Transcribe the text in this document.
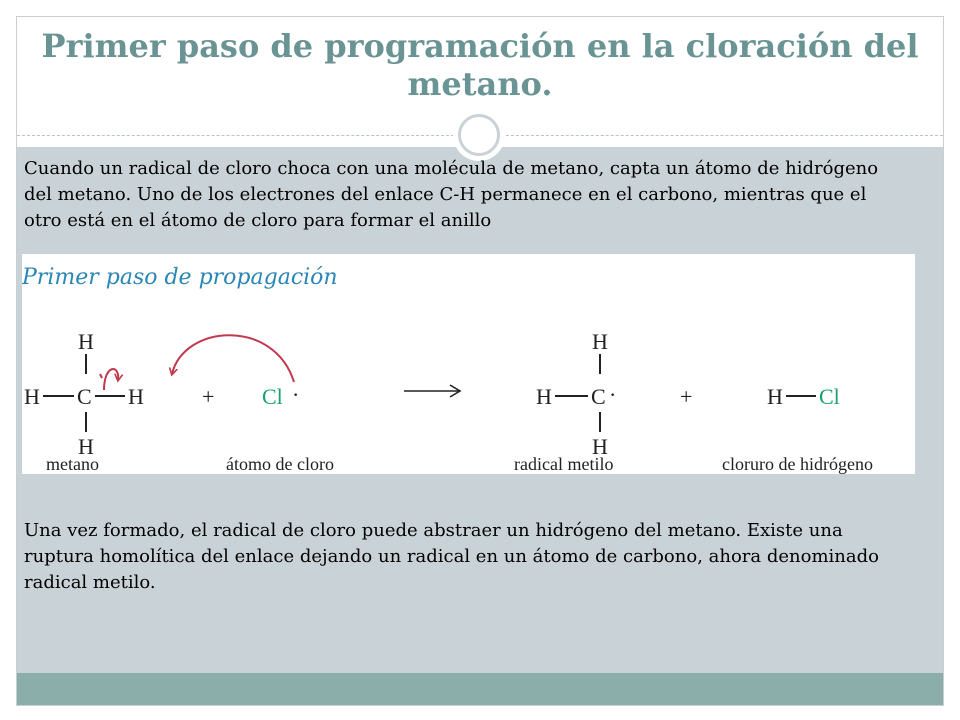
Primer paso de programación en la cloración del metano.
Cuando un radical de cloro choca con una molécula de metano, capta un átomo de hidrógeno del metano. Uno de los electrones del enlace C-H permanece en el carbono, mientras que el otro está en el átomo de cloro para formar el anillo
Primer paso de propagación
H
H C H
H
+ Cl ·
H
H C ·
H
+	H Cl
metano	átomo de cloro	radical metilo	cloruro de hidrógeno
Una vez formado, el radical de cloro puede abstraer un hidrógeno del metano. Existe una ruptura homolítica del enlace dejando un radical en un átomo de carbono, ahora denominado radical metilo.
